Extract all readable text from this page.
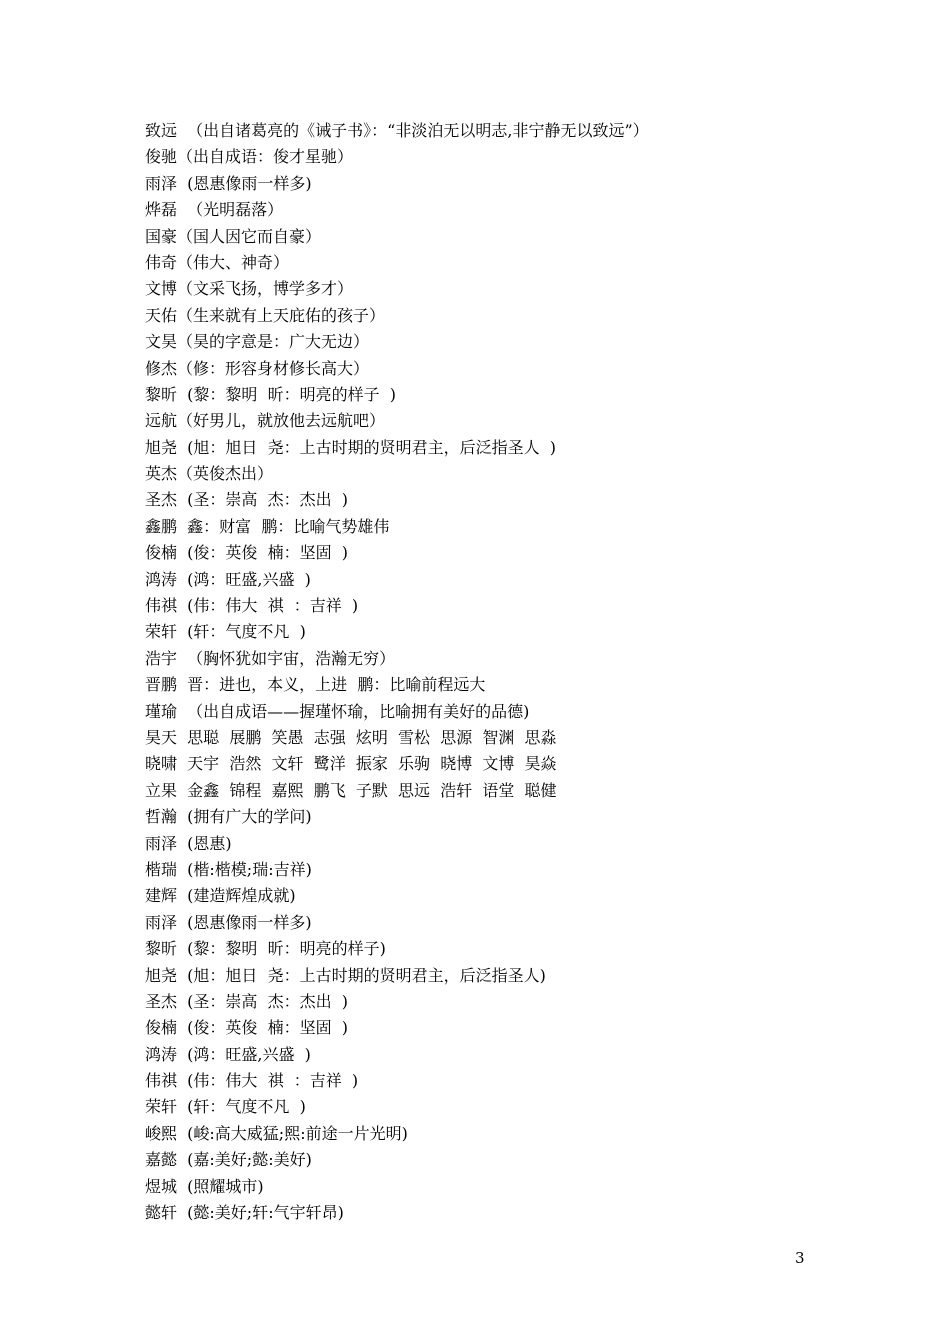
致远  （出自诸葛亮的《诫子书》：“非淡泊无以明志,非宁静无以致远”）
俊驰（出自成语：俊才星驰）
雨泽  (恩惠像雨一样多)
烨磊  （光明磊落）
国豪（国人因它而自豪）
伟奇（伟大、神奇）
文博（文采飞扬，博学多才）
天佑（生来就有上天庇佑的孩子）
文昊（昊的字意是：广大无边）
修杰（修：形容身材修长高大）
黎昕  (黎：黎明  昕：明亮的样子  )
远航（好男儿，就放他去远航吧）
旭尧  (旭：旭日  尧：上古时期的贤明君主，后泛指圣人  )
英杰（英俊杰出）
圣杰  (圣：崇高  杰：杰出  )
鑫鹏  鑫：财富  鹏：比喻气势雄伟
俊楠  (俊：英俊  楠：坚固  )
鸿涛  (鸿：旺盛,兴盛  )
伟祺  (伟：伟大  祺  ：吉祥  )
荣轩  (轩：气度不凡  )
浩宇  （胸怀犹如宇宙，浩瀚无穷）
晋鹏  晋：进也，本义，上进  鹏：比喻前程远大
瑾瑜  （出自成语——握瑾怀瑜，比喻拥有美好的品德)
昊天  思聪  展鹏  笑愚  志强  炫明  雪松  思源  智渊  思淼
晓啸  天宇  浩然  文轩  鹭洋  振家  乐驹  晓博  文博  昊焱
立果  金鑫  锦程  嘉熙  鹏飞  子默  思远  浩轩  语堂  聪健
哲瀚  (拥有广大的学问)
雨泽  (恩惠)
楷瑞  (楷:楷模;瑞:吉祥)
建辉  (建造辉煌成就)
雨泽  (恩惠像雨一样多)
黎昕  (黎：黎明  昕：明亮的样子)
旭尧  (旭：旭日  尧：上古时期的贤明君主，后泛指圣人)
圣杰  (圣：崇高  杰：杰出  )
俊楠  (俊：英俊  楠：坚固  )
鸿涛  (鸿：旺盛,兴盛  )
伟祺  (伟：伟大  祺  ：吉祥  )
荣轩  (轩：气度不凡  )
峻熙  (峻:高大威猛;熙:前途一片光明)
嘉懿  (嘉:美好;懿:美好)
煜城  (照耀城市)
懿轩  (懿:美好;轩:气宇轩昂)
3
